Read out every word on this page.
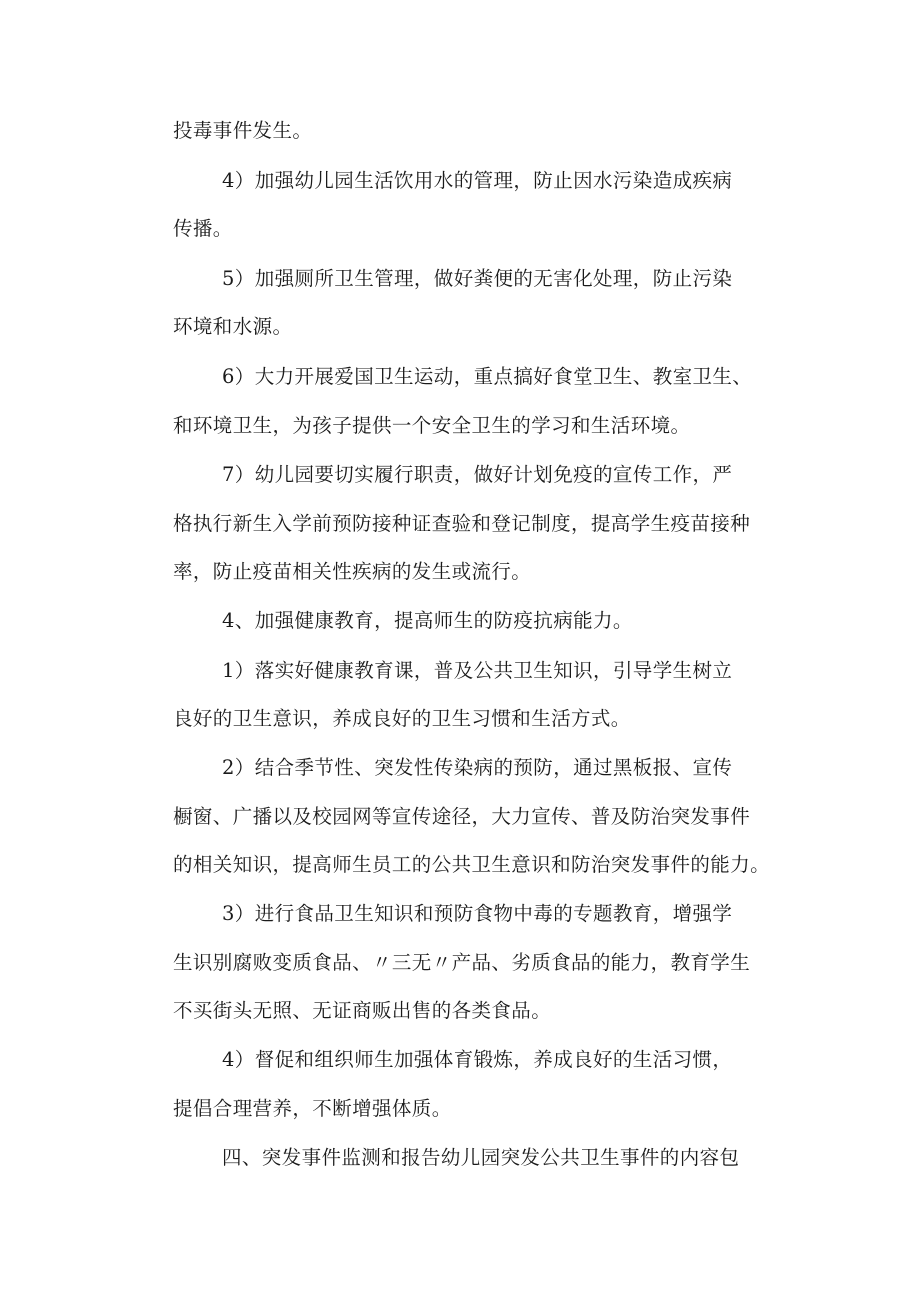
投毒事件发生。
4）加强幼儿园生活饮用水的管理，防止因水污染造成疾病
传播。
5）加强厕所卫生管理，做好粪便的无害化处理，防止污染
环境和水源。
6）大力开展爱国卫生运动，重点搞好食堂卫生、教室卫生、
和环境卫生，为孩子提供一个安全卫生的学习和生活环境。
7）幼儿园要切实履行职责，做好计划免疫的宣传工作，严
格执行新生入学前预防接种证查验和登记制度，提高学生疫苗接种
率，防止疫苗相关性疾病的发生或流行。
4、加强健康教育，提高师生的防疫抗病能力。
1）落实好健康教育课，普及公共卫生知识，引导学生树立
良好的卫生意识，养成良好的卫生习惯和生活方式。
2）结合季节性、突发性传染病的预防，通过黑板报、宣传
橱窗、广播以及校园网等宣传途径，大力宣传、普及防治突发事件
的相关知识，提高师生员工的公共卫生意识和防治突发事件的能力。
3）进行食品卫生知识和预防食物中毒的专题教育，增强学
生识别腐败变质食品、〃三无〃产品、劣质食品的能力，教育学生
不买街头无照、无证商贩出售的各类食品。
4）督促和组织师生加强体育锻炼，养成良好的生活习惯，
提倡合理营养，不断增强体质。
四、突发事件监测和报告幼儿园突发公共卫生事件的内容包
